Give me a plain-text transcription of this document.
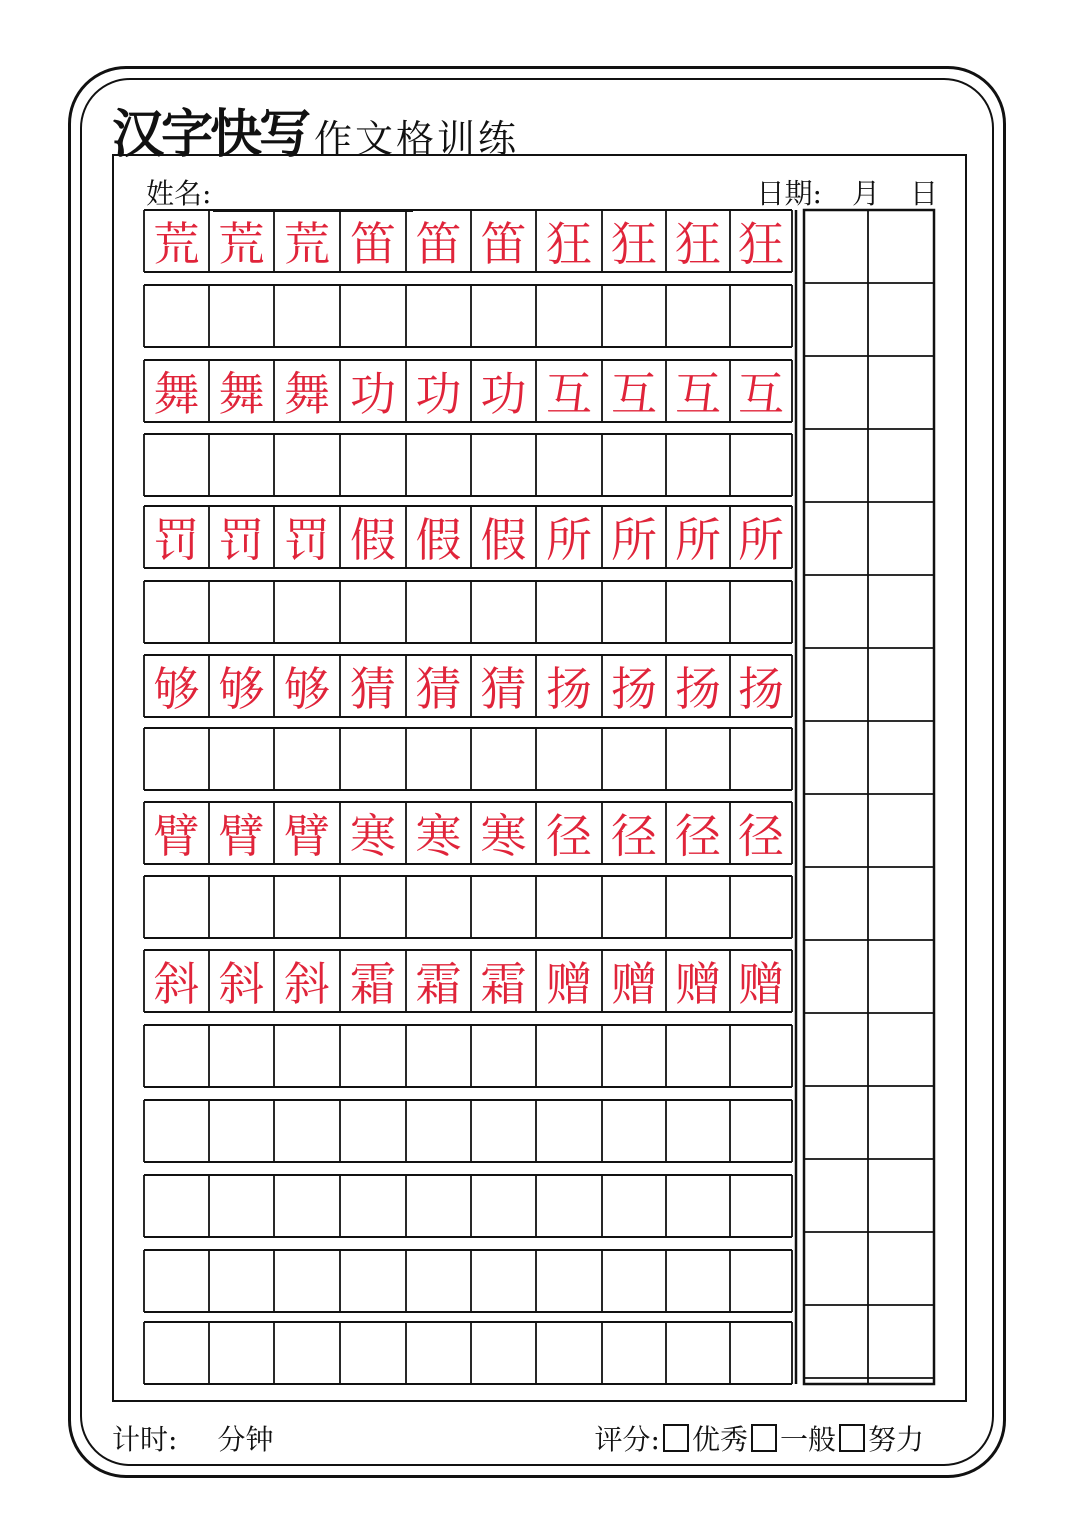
汉字快写 作文格训练
姓名:	日期: 月 日
荒 荒 荒 笛 笛 笛 狂 狂 狂 狂
舞 舞 舞 功 功 功 互 互 互 互
罚 罚 罚 假 假 假 所 所 所 所
够 够 够 猜 猜 猜 扬 扬 扬 扬
臂 臂 臂 寒 寒 寒 径 径 径 径
斜 斜 斜 霜 霜 霜 赠 赠 赠 赠
计时: 分钟	评分: 优秀 一般 努力
